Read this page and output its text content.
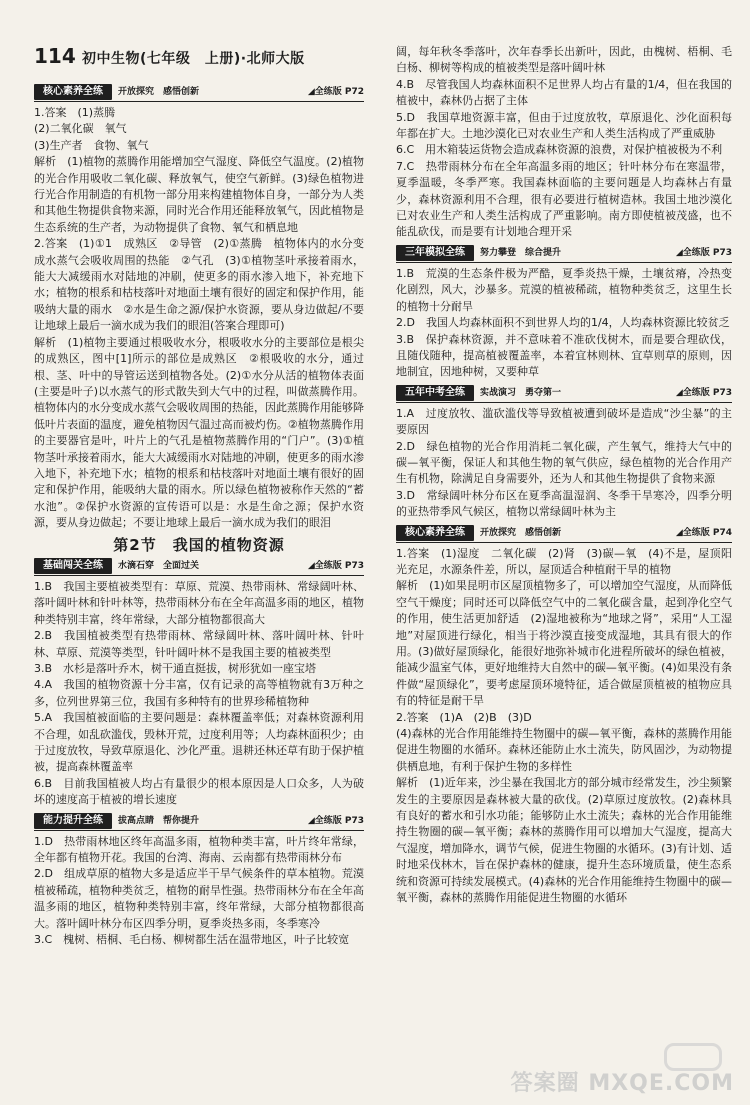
114 初中生物(七年级　上册)·北师大版
核心素养全练	开放探究　感悟创新	◢全练版 P72

1.答案　(1)蒸腾

(2)二氧化碳　氧气

(3)生产者　食物、氧气

解析　(1)植物的蒸腾作用能增加空气湿度、降低空气温度。(2)植物的光合作用吸收二氧化碳、释放氧气，使空气新鲜。(3)绿色植物进行光合作用制造的有机物一部分用来构建植物体自身，一部分为人类和其他生物提供食物来源，同时光合作用还能释放氧气，因此植物是生态系统的生产者，为动物提供了食物、氧气和栖息地

2.答案　(1)①1　成熟区　②导管　(2)①蒸腾　植物体内的水分变成水蒸气会吸收周围的热能　②气孔　(3)①植物茎叶承接着雨水，能大大减缓雨水对陆地的冲刷，使更多的雨水渗入地下，补充地下水；植物的根系和枯枝落叶对地面土壤有很好的固定和保护作用，能吸纳大量的雨水　②水是生命之源/保护水资源，要从身边做起/不要让地球上最后一滴水成为我们的眼泪(答案合理即可)

解析　(1)植物主要通过根吸收水分，根吸收水分的主要部位是根尖的成熟区，图中[1]所示的部位是成熟区　②根吸收的水分，通过根、茎、叶中的导管运送到植物各处。(2)①水分从活的植物体表面(主要是叶子)以水蒸气的形式散失到大气中的过程，叫做蒸腾作用。植物体内的水分变成水蒸气会吸收周围的热能，因此蒸腾作用能够降低叶片表面的温度，避免植物因气温过高而被灼伤。②植物蒸腾作用的主要器官是叶，叶片上的气孔是植物蒸腾作用的“门户”。(3)①植物茎叶承接着雨水，能大大减缓雨水对陆地的冲刷，使更多的雨水渗入地下，补充地下水；植物的根系和枯枝落叶对地面土壤有很好的固定和保护作用，能吸纳大量的雨水。所以绿色植物被称作天然的“蓄水池”。②保护水资源的宣传语可以是：水是生命之源；保护水资源，要从身边做起；不要让地球上最后一滴水成为我们的眼泪

第2节　我国的植物资源
基础闯关全练	水滴石穿　全面过关	◢全练版 P73

1.B　我国主要植被类型有：草原、荒漠、热带雨林、常绿阔叶林、落叶阔叶林和针叶林等，热带雨林分布在全年高温多雨的地区，植物种类特别丰富，终年常绿，大部分植物都很高大

2.B　我国植被类型有热带雨林、常绿阔叶林、落叶阔叶林、针叶林、草原、荒漠等类型，针叶阔叶林不是我国主要的植被类型

3.B　水杉是落叶乔木，树干通直挺拔，树形犹如一座宝塔

4.A　我国的植物资源十分丰富，仅有记录的高等植物就有3万种之多，位列世界第三位，我国有多种特有的世界珍稀植物种

5.A　我国植被面临的主要问题是：森林覆盖率低；对森林资源利用不合理，如乱砍滥伐，毁林开荒，过度利用等；人均森林面积少；由于过度放牧，导致草原退化、沙化严重。退耕还林还草有助于保护植被，提高森林覆盖率

6.B　目前我国植被人均占有量很少的根本原因是人口众多，人为破坏的速度高于植被的增长速度

能力提升全练	拔高点睛　帮你提升	◢全练版 P73

1.D　热带雨林地区终年高温多雨，植物种类丰富，叶片终年常绿，全年都有植物开花。我国的台湾、海南、云南都有热带雨林分布

2.D　组成草原的植物大多是适应半干旱气候条件的草本植物。荒漠植被稀疏，植物种类贫乏，植物的耐旱性强。热带雨林分布在全年高温多雨的地区，植物种类特别丰富，终年常绿，大部分植物都很高大。落叶阔叶林分布区四季分明，夏季炎热多雨，冬季寒冷

3.C　槐树、梧桐、毛白杨、柳树都生活在温带地区，叶子比较宽

阔，每年秋冬季落叶，次年春季长出新叶，因此，由槐树、梧桐、毛白杨、柳树等构成的植被类型是落叶阔叶林

4.B　尽管我国人均森林面积不足世界人均占有量的1/4，但在我国的植被中，森林仍占据了主体

5.D　我国草地资源丰富，但由于过度放牧，草原退化、沙化面积每年都在扩大。土地沙漠化已对农业生产和人类生活构成了严重威胁

6.C　用木箱装运货物会造成森林资源的浪费，对保护植被极为不利

7.C　热带雨林分布在全年高温多雨的地区；针叶林分布在寒温带，夏季温暖，冬季严寒。我国森林面临的主要问题是人均森林占有量少，森林资源利用不合理，很有必要进行植树造林。我国土地沙漠化已对农业生产和人类生活构成了严重影响。南方即使植被茂盛，也不能乱砍伐，而是要有计划地合理开采

三年模拟全练	努力攀登　综合提升	◢全练版 P73

1.B　荒漠的生态条件极为严酷，夏季炎热干燥，土壤贫瘠，冷热变化剧烈，风大，沙暴多。荒漠的植被稀疏，植物种类贫乏，这里生长的植物十分耐旱

2.D　我国人均森林面积不到世界人均的1/4，人均森林资源比较贫乏

3.B　保护森林资源，并不意味着不准砍伐树木，而是要合理砍伐，且随伐随种，提高植被覆盖率，本着宜林则林、宜草则草的原则，因地制宜，因地种树，又要种草

五年中考全练	实战演习　勇夺第一	◢全练版 P73

1.A　过度放牧、滥砍滥伐等导致植被遭到破坏是造成“沙尘暴”的主要原因

2.D　绿色植物的光合作用消耗二氧化碳，产生氧气，维持大气中的碳—氧平衡，保证人和其他生物的氧气供应，绿色植物的光合作用产生有机物，除满足自身需要外，还为人和其他生物提供了食物来源

3.D　常绿阔叶林分布区在夏季高温湿润、冬季干旱寒冷，四季分明的亚热带季风气候区，植物以常绿阔叶林为主

核心素养全练	开放探究　感悟创新	◢全练版 P74

1.答案　(1)湿度　二氧化碳　(2)肾　(3)碳—氧　(4)不是，屋顶阳光充足，水源条件差，所以，屋顶适合种植耐干旱的植物

解析　(1)如果昆明市区屋顶植物多了，可以增加空气湿度，从而降低空气干燥度；同时还可以降低空气中的二氧化碳含量，起到净化空气的作用，使生活更加舒适　(2)湿地被称为“地球之肾”，采用“人工湿地”对屋顶进行绿化，相当于将沙漠直接变成湿地，其具有很大的作用。(3)做好屋顶绿化，能很好地弥补城市化进程所破坏的绿色植被，能减少温室气体，更好地维持大自然中的碳—氧平衡。(4)如果没有条件做“屋顶绿化”，要考虑屋顶环境特征，适合做屋顶植被的植物应具有的特征是耐干旱

2.答案　(1)A　(2)B　(3)D

(4)森林的光合作用能维持生物圈中的碳—氧平衡，森林的蒸腾作用能促进生物圈的水循环。森林还能防止水土流失，防风固沙，为动物提供栖息地，有利于保护生物的多样性

解析　(1)近年来，沙尘暴在我国北方的部分城市经常发生，沙尘频繁发生的主要原因是森林被大量的砍伐。(2)草原过度放牧。(2)森林具有良好的蓄水和引水功能；能够防止水土流失；森林的光合作用能维持生物圈的碳—氧平衡；森林的蒸腾作用可以增加大气湿度，提高大气湿度，增加降水，调节气候，促进生物圈的水循环。(3)有计划、适时地采伐林木，旨在保护森林的健康，提升生态环境质量，使生态系统和资源可持续发展模式。(4)森林的光合作用能维持生物圈中的碳—氧平衡，森林的蒸腾作用能促进生物圈的水循环

答案圈 MXQE.COM
